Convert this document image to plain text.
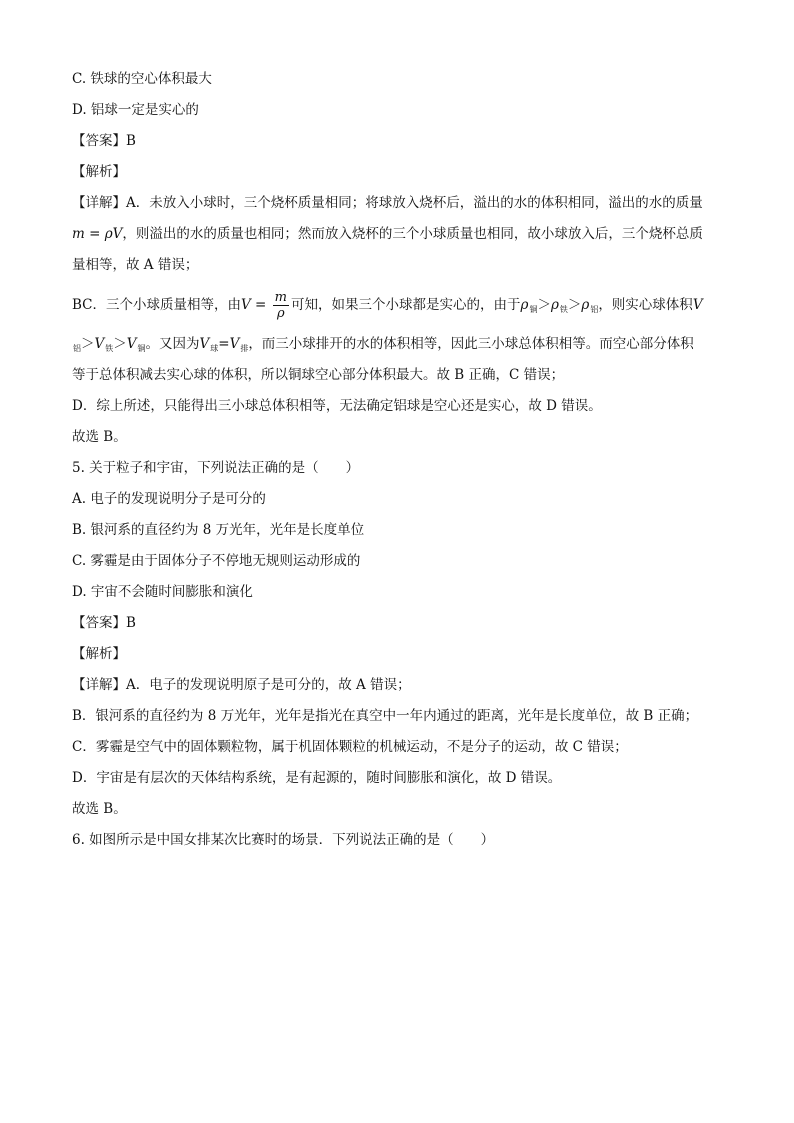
C. 铁球的空心体积最大
D. 铝球一定是实心的
【答案】B
【解析】
【详解】A．未放入小球时，三个烧杯质量相同；将球放入烧杯后，溢出的水的体积相同，溢出的水的质量
m = ρV，则溢出的水的质量也相同；然而放入烧杯的三个小球质量也相同，故小球放入后，三个烧杯总质
量相等，故 A 错误；
BC．三个小球质量相等，由$V = \frac{m}{\rho}$ 可知，如果三个小球都是实心的，由于$\rho_铜>\rho_铁>\rho_铝$，则实心球体积V
$_铝>V_铁>V_铜$。又因为$V_球=V_排$，而三小球排开的水的体积相等，因此三小球总体积相等。而空心部分体积
等于总体积减去实心球的体积，所以铜球空心部分体积最大。故 B 正确，C 错误；
D．综上所述，只能得出三小球总体积相等，无法确定铝球是空心还是实心，故 D 错误。
故选 B。
5. 关于粒子和宇宙，下列说法正确的是（　　）
A. 电子的发现说明分子是可分的
B. 银河系的直径约为 8 万光年，光年是长度单位
C. 雾霾是由于固体分子不停地无规则运动形成的
D. 宇宙不会随时间膨胀和演化
【答案】B
【解析】
【详解】A．电子的发现说明原子是可分的，故 A 错误；
B．银河系的直径约为 8 万光年，光年是指光在真空中一年内通过的距离，光年是长度单位，故 B 正确；
C．雾霾是空气中的固体颗粒物，属于机固体颗粒的机械运动，不是分子的运动，故 C 错误；
D．宇宙是有层次的天体结构系统，是有起源的，随时间膨胀和演化，故 D 错误。
故选 B。
6. 如图所示是中国女排某次比赛时的场景．下列说法正确的是（　　）
